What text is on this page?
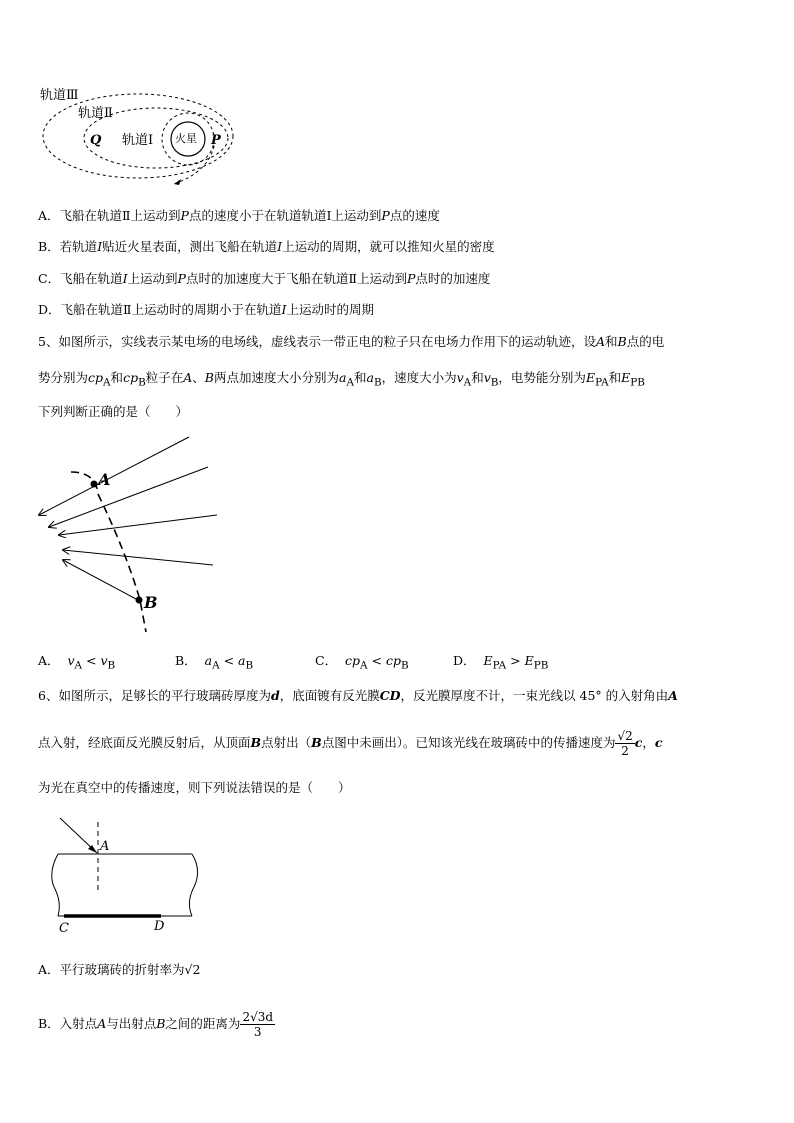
轨道Ⅲ
轨道Ⅱ
Q 轨道Ⅰ 火星 P
A．飞船在轨道Ⅱ上运动到P点的速度小于在轨道轨道Ⅰ上运动到P点的速度
B．若轨道I贴近火星表面，测出飞船在轨道I上运动的周期，就可以推知火星的密度
C．飞船在轨道I上运动到P点时的加速度大于飞船在轨道Ⅱ上运动到P点时的加速度
D．飞船在轨道Ⅱ上运动时的周期小于在轨道I上运动时的周期
5、如图所示，实线表示某电场的电场线，虚线表示一带正电的粒子只在电场力作用下的运动轨迹，设A和B点的电
势分别为$cp_A$和$cp_B$粒子在A、B两点加速度大小分别为$a_A$和$a_B$，速度大小为$v_A$和$v_B$，电势能分别为$E_{PA}$和$E_{PB}$
下列判断正确的是（　　）
A
B
A． $v_A < v_B$	B． $a_A < a_B$	C． $cp_A < cp_B$	D． $E_{PA} > E_{PB}$
6、如图所示，足够长的平行玻璃砖厚度为d，底面镀有反光膜CD，反光膜厚度不计，一束光线以 45° 的入射角由A
点入射，经底面反光膜反射后，从顶面B点射出（B点图中未画出）。已知该光线在玻璃砖中的传播速度为 $\frac{√2}{2}$ c，c
为光在真空中的传播速度，则下列说法错误的是（　　）
A
C	D
A．平行玻璃砖的折射率为√2
B．入射点A与出射点B之间的距离为 $\frac{2√3d}{3}$
